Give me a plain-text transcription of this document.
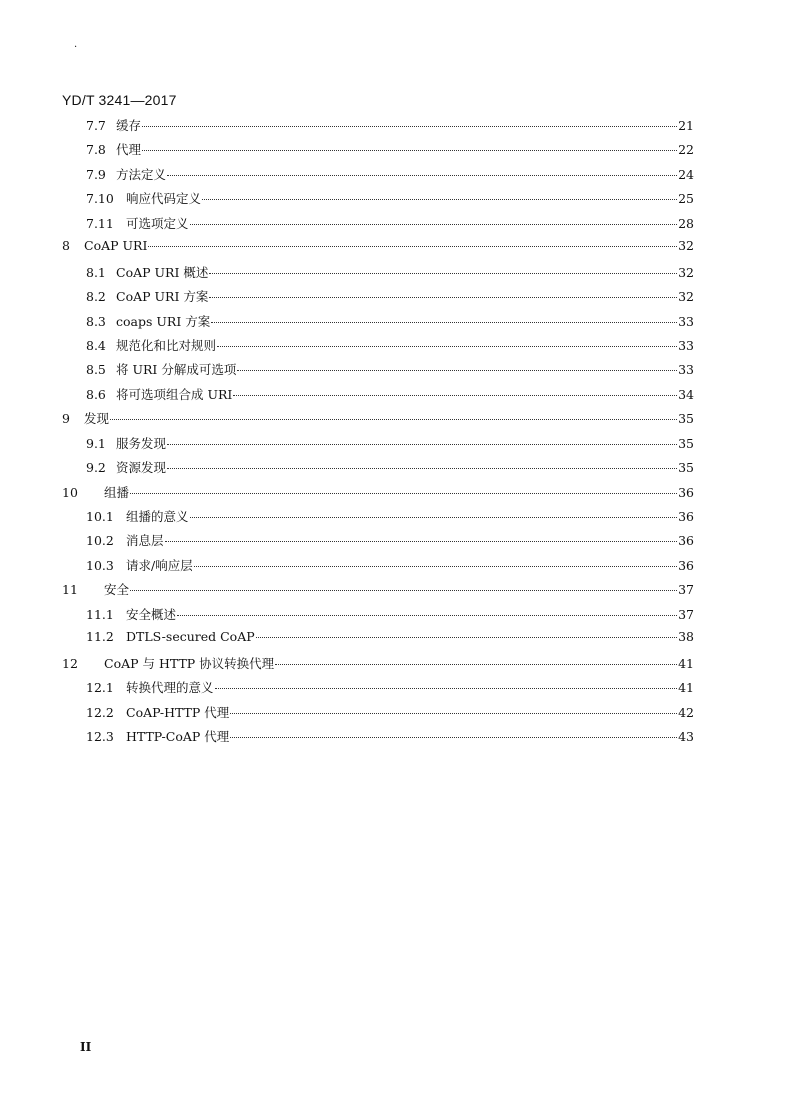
.
YD/T 3241—2017
7.7 缓存	21
7.8 代理	22
7.9 方法定义	24
7.10 响应代码定义	25
7.11 可选项定义	28
8	CoAP URI	32
8.1 CoAP URI 概述	32
8.2 CoAP URI 方案	32
8.3 coaps URI 方案	33
8.4 规范化和比对规则	33
8.5 将 URI 分解成可选项	33
8.6 将可选项组合成 URI	34
9	发现	35
9.1 服务发现	35
9.2 资源发现	35
10	组播	36
10.1 组播的意义	36
10.2 消息层	36
10.3 请求/响应层	36
11	安全	37
11.1 安全概述	37
11.2 DTLS-secured CoAP	38
12	CoAP 与 HTTP 协议转换代理	41
12.1 转换代理的意义	41
12.2 CoAP-HTTP 代理	42
12.3 HTTP-CoAP 代理	43
II
